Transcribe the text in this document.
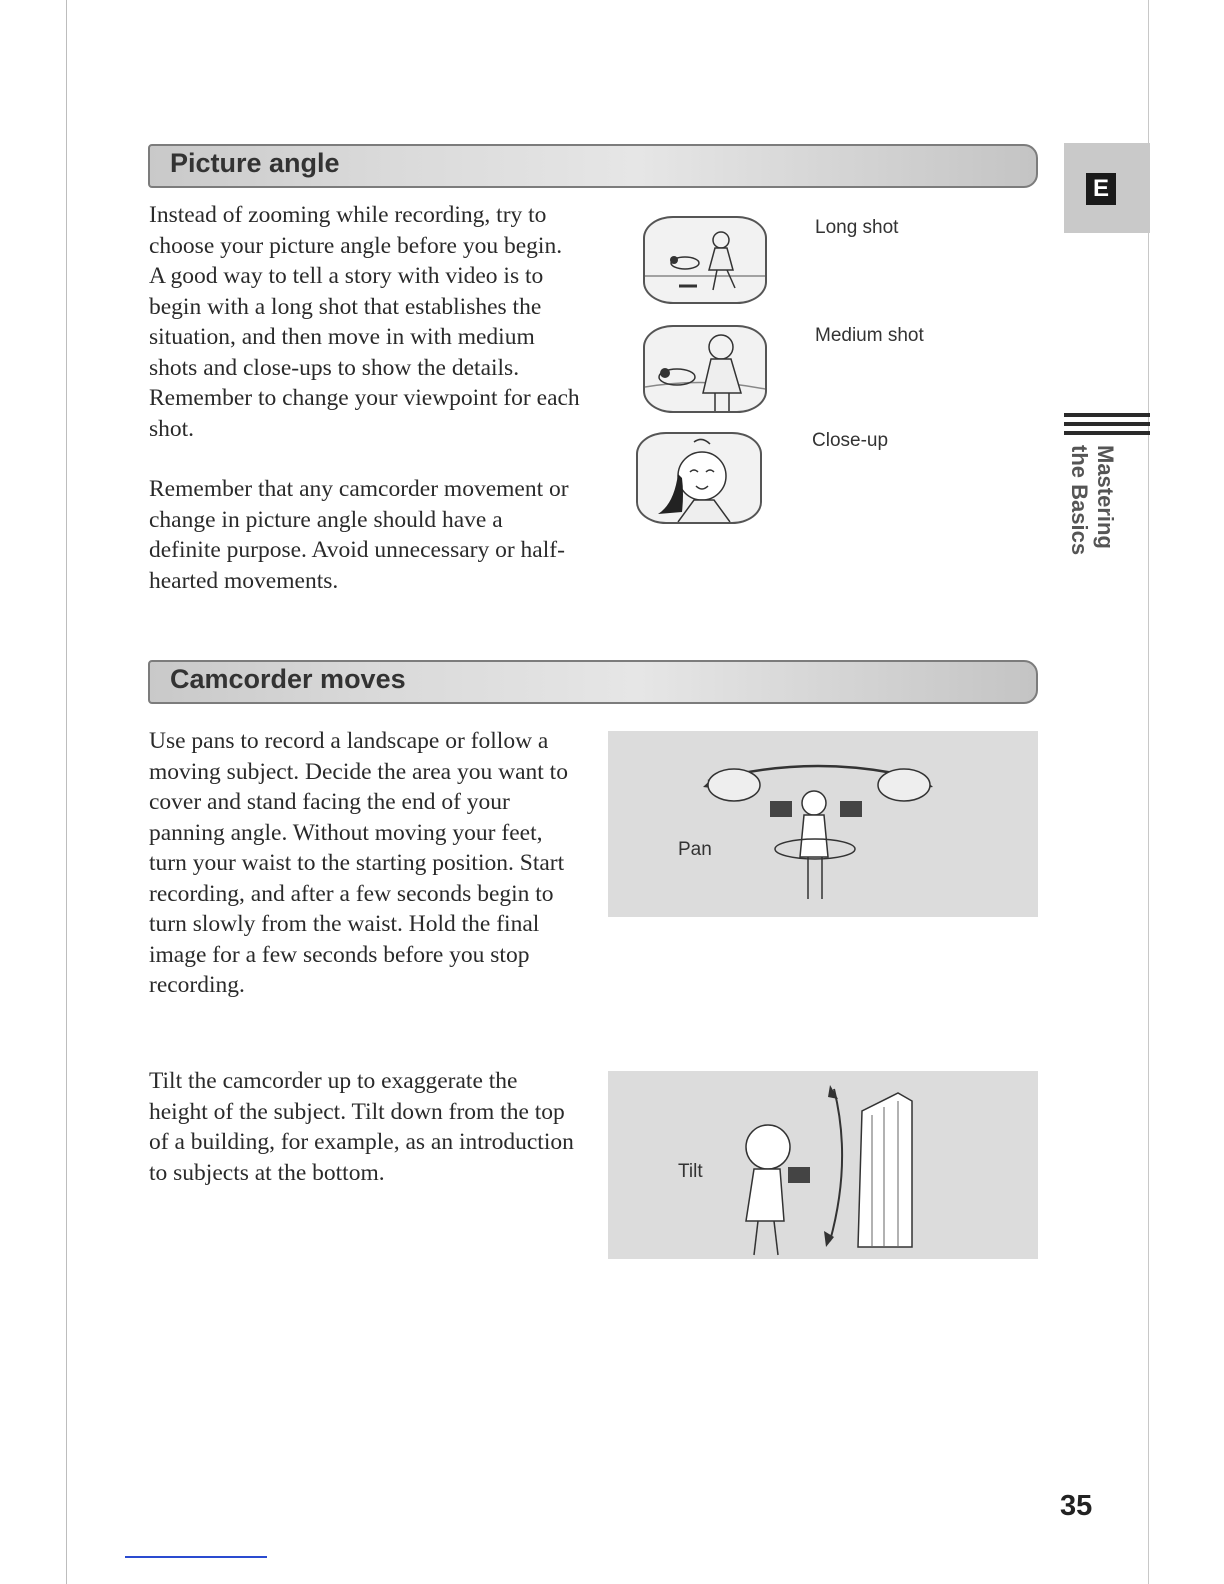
Picture angle
Instead of zooming while recording, try to choose your picture angle before you begin. A good way to tell a story with video is to begin with a long shot that establishes the situation, and then move in with medium shots and close-ups to show the details. Remember to change your viewpoint for each shot.
Remember that any camcorder movement or change in picture angle should have a definite purpose. Avoid unnecessary or half-hearted movements.
Long shot
Medium shot
Close-up
Camcorder moves
Use pans to record a landscape or follow a moving subject. Decide the area you want to cover and stand facing the end of your panning angle. Without moving your feet, turn your waist to the starting position. Start recording, and after a few seconds begin to turn slowly from the waist. Hold the final image for a few seconds before you stop recording.
Tilt the camcorder up to exaggerate the height of the subject. Tilt down from the top of a building, for example, as an introduction to subjects at the bottom.
Pan
Tilt
E
Mastering
the Basics
35
